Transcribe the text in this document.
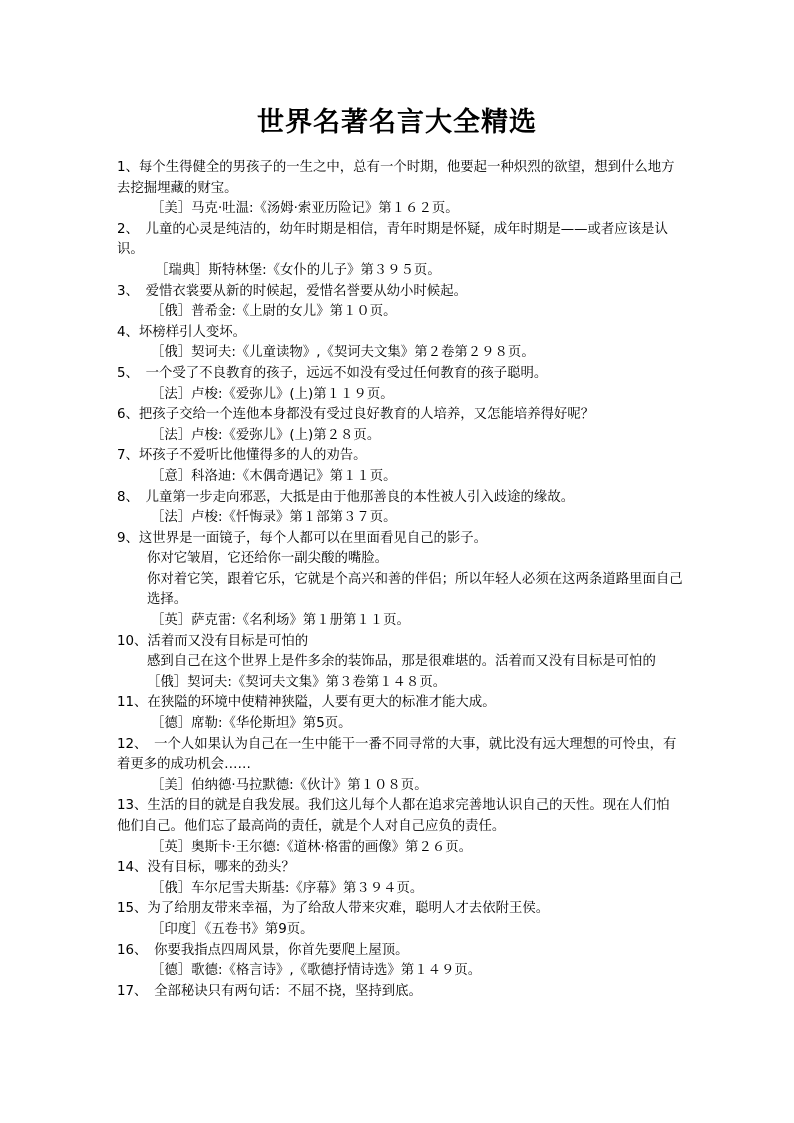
世界名著名言大全精选

1、每个生得健全的男孩子的一生之中，总有一个时期，他要起一种炽烈的欲望，想到什么地方去挖掘埋藏的财宝。

［美］马克·吐温:《汤姆·索亚历险记》第１６２页。

2、　儿童的心灵是纯洁的，幼年时期是相信，青年时期是怀疑，成年时期是——或者应该是认识。

［瑞典］斯特林堡:《女仆的儿子》第３９５页。

3、　爱惜衣裳要从新的时候起，爱惜名誉要从幼小时候起。

［俄］普希金:《上尉的女儿》第１０页。

4、坏榜样引人变坏。

［俄］契诃夫:《儿童读物》,《契诃夫文集》第２卷第２９８页。

5、　一个受了不良教育的孩子，远远不如没有受过任何教育的孩子聪明。

［法］卢梭:《爱弥儿》(上)第１１９页。

6、把孩子交给一个连他本身都没有受过良好教育的人培养，又怎能培养得好呢？

［法］卢梭:《爱弥儿》(上)第２８页。

7、坏孩子不爱听比他懂得多的人的劝告。

［意］科洛迪:《木偶奇遇记》第１１页。

8、　儿童第一步走向邪恶，大抵是由于他那善良的本性被人引入歧途的缘故。

［法］卢梭:《忏悔录》第１部第３７页。

9、这世界是一面镜子，每个人都可以在里面看见自己的影子。

你对它皱眉，它还给你一副尖酸的嘴脸。

你对着它笑，跟着它乐，它就是个高兴和善的伴侣；所以年轻人必须在这两条道路里面自己选择。

［英］萨克雷:《名利场》第１册第１１页。

10、活着而又没有目标是可怕的

感到自己在这个世界上是件多余的装饰品，那是很难堪的。活着而又没有目标是可怕的［俄］契诃夫:《契诃夫文集》第３卷第１４８页。

11、在狭隘的环境中使精神狭隘，人要有更大的标准才能大成。

［德］席勒:《华伦斯坦》第5页。

12、　一个人如果认为自己在一生中能干一番不同寻常的大事，就比没有远大理想的可怜虫，有着更多的成功机会……

［美］伯纳德·马拉默德:《伙计》第１０８页。

13、生活的目的就是自我发展。我们这儿每个人都在追求完善地认识自己的天性。现在人们怕他们自己。他们忘了最高尚的责任，就是个人对自己应负的责任。

［英］奥斯卡·王尔德:《道林·格雷的画像》第２６页。

14、没有目标，哪来的劲头？

［俄］车尔尼雪夫斯基:《序幕》第３９４页。

15、为了给朋友带来幸福，为了给敌人带来灾难，聪明人才去依附王侯。

［印度］《五卷书》第9页。

16、　你要我指点四周风景，你首先要爬上屋顶。

［德］歌德:《格言诗》,《歌德抒情诗选》第１４９页。

17、　全部秘诀只有两句话：不屈不挠，坚持到底。
